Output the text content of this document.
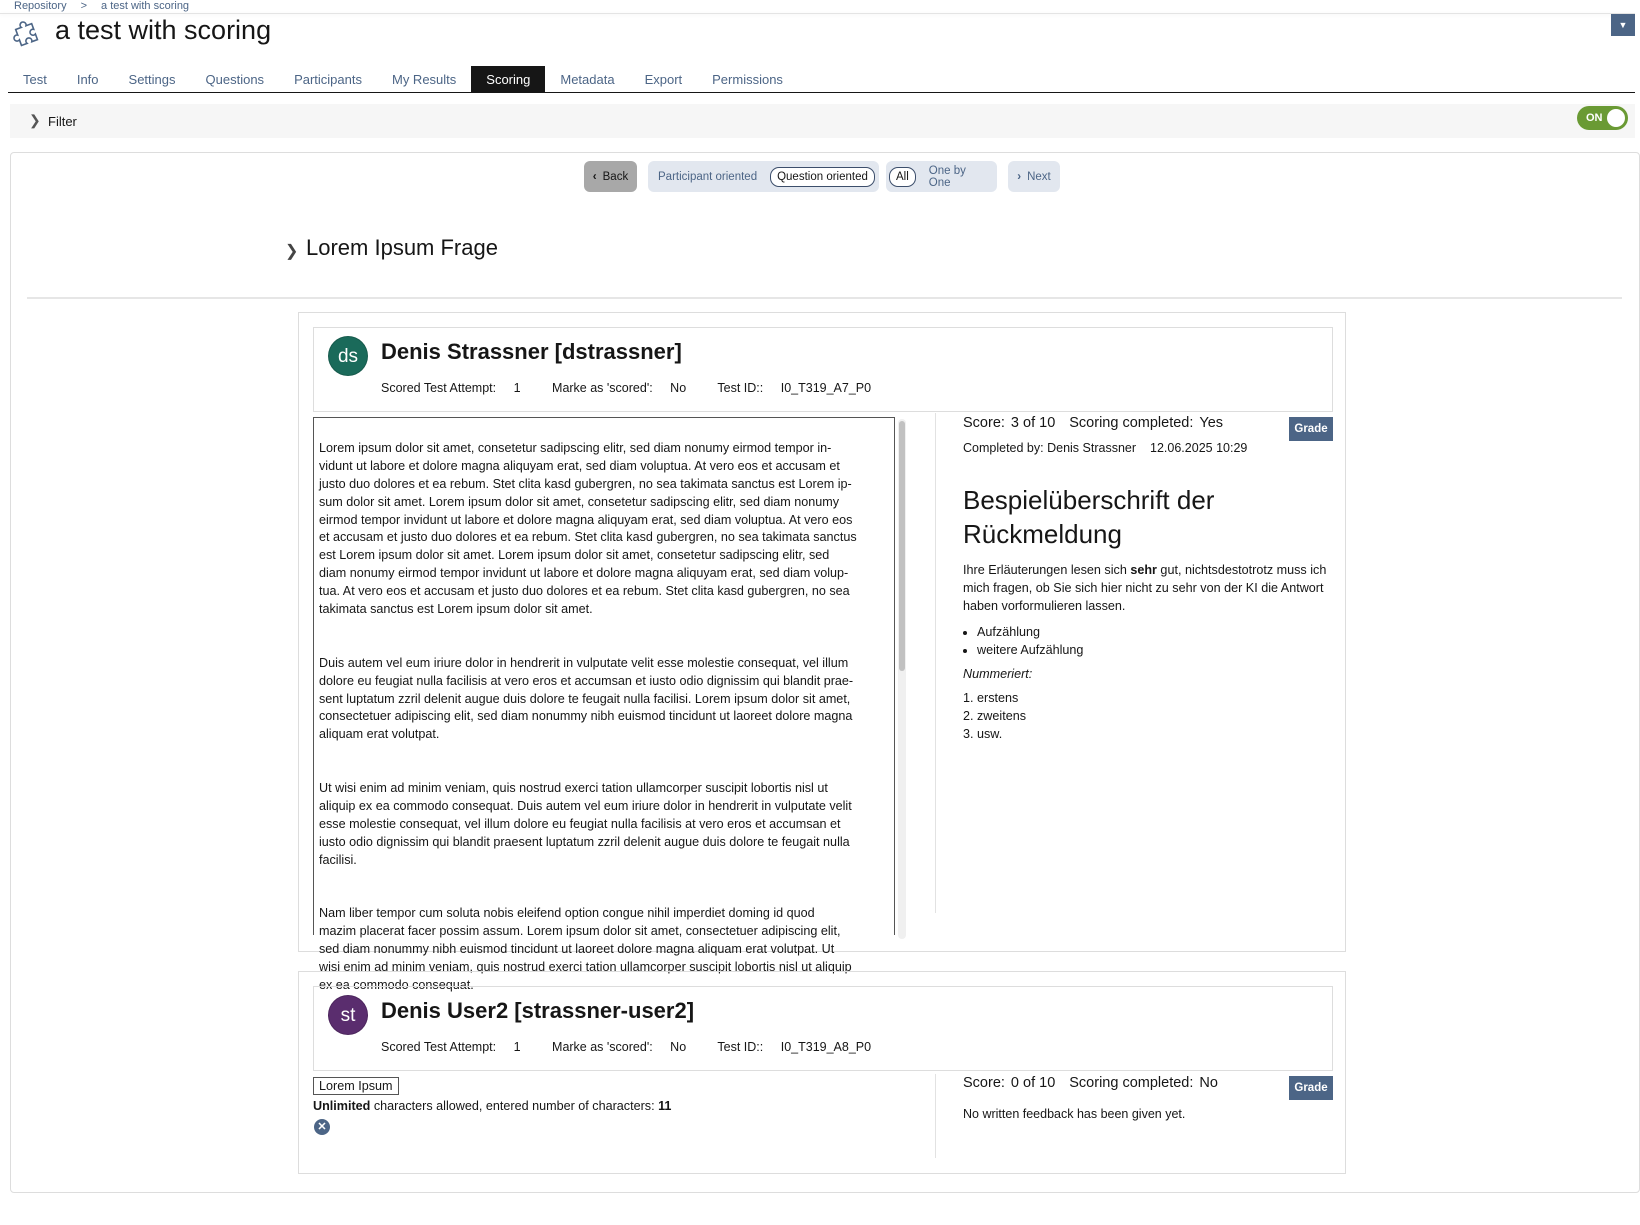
Repository > a test with scoring
▼
a test with scoring
Test	Info	Settings	Questions	Participants	My Results	Scoring	Metadata	Export	Permissions
❯ Filter	ON
‹ Back	Participant oriented	Question oriented	All	One by One	› Next
❯ Lorem Ipsum Frage
ds	Denis Strassner [dstrassner]
Scored Test Attempt: 1	Marke as 'scored': No	Test ID:: I0_T319_A7_P0

Lorem ipsum dolor sit amet, consetetur sadipscing elitr, sed diam nonumy eirmod tempor in-
vidunt ut labore et dolore magna aliquyam erat, sed diam voluptua. At vero eos et accusam et
justo duo dolores et ea rebum. Stet clita kasd gubergren, no sea takimata sanctus est Lorem ip-
sum dolor sit amet. Lorem ipsum dolor sit amet, consetetur sadipscing elitr, sed diam nonumy
eirmod tempor invidunt ut labore et dolore magna aliquyam erat, sed diam voluptua. At vero eos
et accusam et justo duo dolores et ea rebum. Stet clita kasd gubergren, no sea takimata sanctus
est Lorem ipsum dolor sit amet. Lorem ipsum dolor sit amet, consetetur sadipscing elitr, sed
diam nonumy eirmod tempor invidunt ut labore et dolore magna aliquyam erat, sed diam volup-
tua. At vero eos et accusam et justo duo dolores et ea rebum. Stet clita kasd gubergren, no sea
takimata sanctus est Lorem ipsum dolor sit amet.

Duis autem vel eum iriure dolor in hendrerit in vulputate velit esse molestie consequat, vel illum
dolore eu feugiat nulla facilisis at vero eros et accumsan et iusto odio dignissim qui blandit prae-
sent luptatum zzril delenit augue duis dolore te feugait nulla facilisi. Lorem ipsum dolor sit amet,
consectetuer adipiscing elit, sed diam nonummy nibh euismod tincidunt ut laoreet dolore magna
aliquam erat volutpat.

Ut wisi enim ad minim veniam, quis nostrud exerci tation ullamcorper suscipit lobortis nisl ut
aliquip ex ea commodo consequat. Duis autem vel eum iriure dolor in hendrerit in vulputate velit
esse molestie consequat, vel illum dolore eu feugiat nulla facilisis at vero eros et accumsan et
iusto odio dignissim qui blandit praesent luptatum zzril delenit augue duis dolore te feugait nulla
facilisi.

Nam liber tempor cum soluta nobis eleifend option congue nihil imperdiet doming id quod
mazim placerat facer possim assum. Lorem ipsum dolor sit amet, consectetuer adipiscing elit,
sed diam nonummy nibh euismod tincidunt ut laoreet dolore magna aliquam erat volutpat. Ut
wisi enim ad minim veniam, quis nostrud exerci tation ullamcorper suscipit lobortis nisl ut aliquip
ex ea commodo consequat.

Score: 3 of 10 Scoring completed: Yes
Completed by: Denis Strassner 12.06.2025 10:29
Bespielüberschrift der Rückmeldung
Ihre Erläuterungen lesen sich sehr gut, nichtsdestotrotz muss ich mich fragen, ob Sie sich hier nicht zu sehr von der KI die Antwort haben vorformulieren lassen.
• Aufzählung
• weitere Aufzählung
Nummeriert:
1. erstens
2. zweitens
3. usw.
Grade
st	Denis User2 [strassner-user2]
Scored Test Attempt: 1	Marke as 'scored': No	Test ID:: I0_T319_A8_P0
Lorem Ipsum
Unlimited characters allowed, entered number of characters: 11
✕
Score: 0 of 10 Scoring completed: No
No written feedback has been given yet.
Grade
